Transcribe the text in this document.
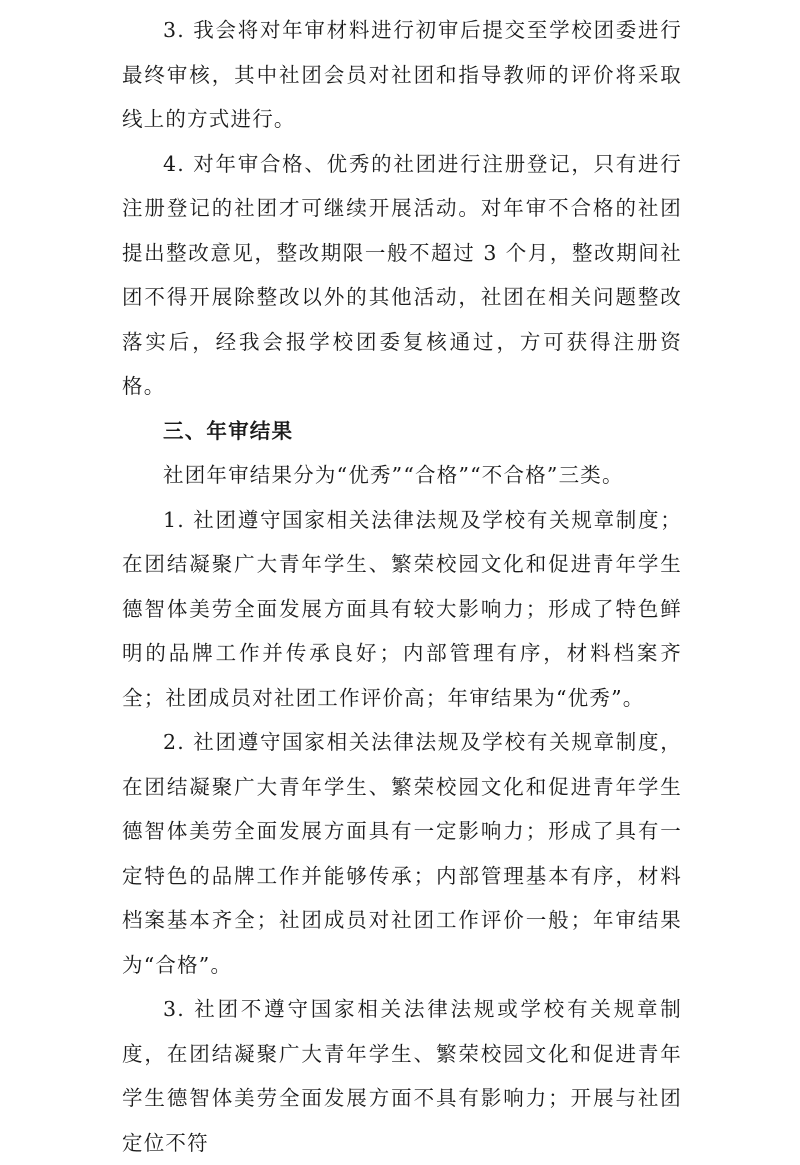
3. 我会将对年审材料进行初审后提交至学校团委进行最终审核，其中社团会员对社团和指导教师的评价将采取线上的方式进行。

4. 对年审合格、优秀的社团进行注册登记，只有进行注册登记的社团才可继续开展活动。对年审不合格的社团提出整改意见，整改期限一般不超过 3 个月，整改期间社团不得开展除整改以外的其他活动，社团在相关问题整改落实后，经我会报学校团委复核通过，方可获得注册资格。

三、年审结果

社团年审结果分为“优秀”“合格”“不合格”三类。

1. 社团遵守国家相关法律法规及学校有关规章制度；在团结凝聚广大青年学生、繁荣校园文化和促进青年学生德智体美劳全面发展方面具有较大影响力；形成了特色鲜明的品牌工作并传承良好；内部管理有序，材料档案齐全；社团成员对社团工作评价高；年审结果为“优秀”。

2. 社团遵守国家相关法律法规及学校有关规章制度，在团结凝聚广大青年学生、繁荣校园文化和促进青年学生德智体美劳全面发展方面具有一定影响力；形成了具有一定特色的品牌工作并能够传承；内部管理基本有序，材料档案基本齐全；社团成员对社团工作评价一般；年审结果为“合格”。

3. 社团不遵守国家相关法律法规或学校有关规章制度，在团结凝聚广大青年学生、繁荣校园文化和促进青年学生德智体美劳全面发展方面不具有影响力；开展与社团定位不符
